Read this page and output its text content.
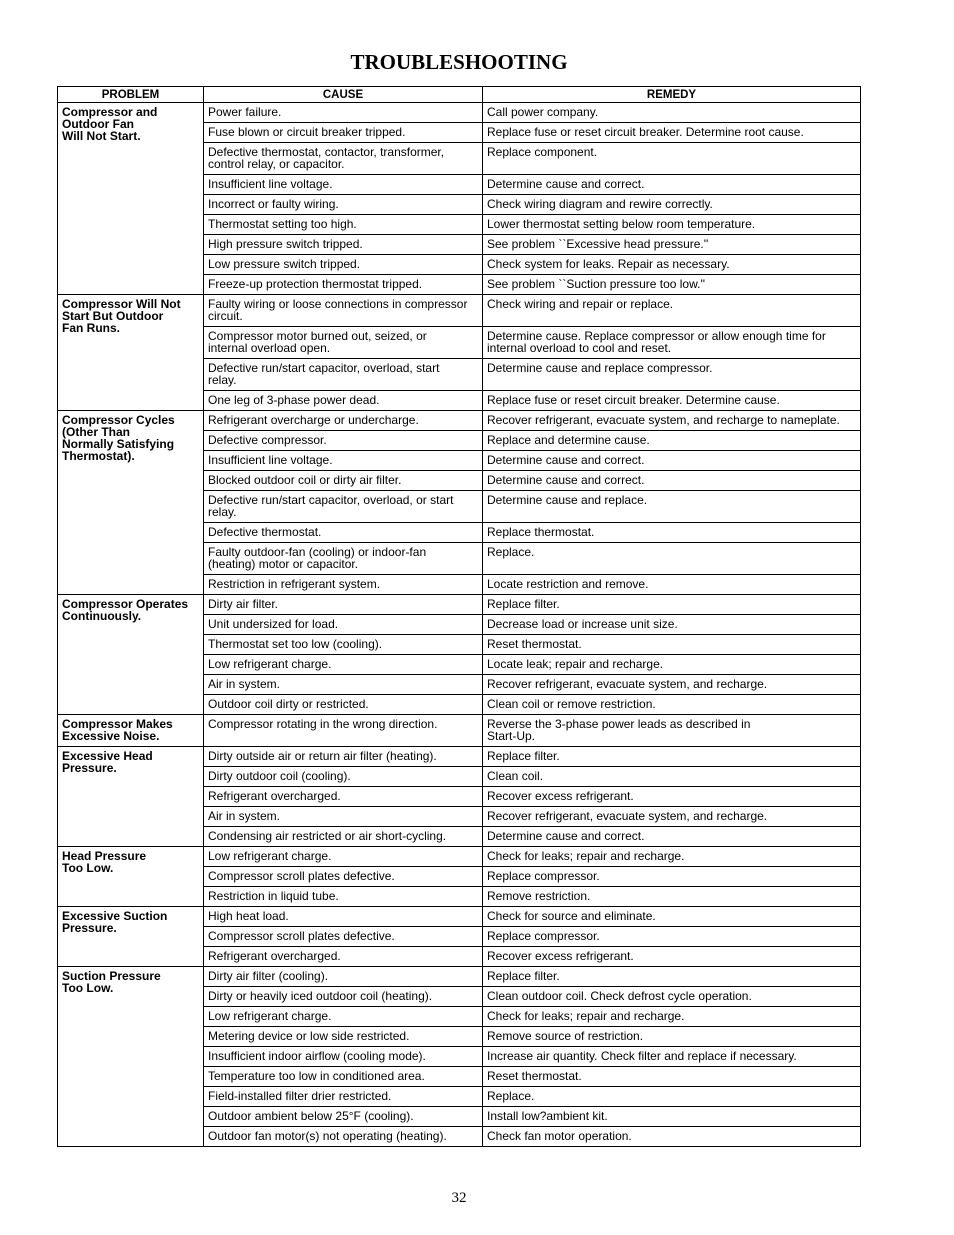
TROUBLESHOOTING
PROBLEM	CAUSE	REMEDY
Compressor and
Outdoor Fan
Will Not Start.	Power failure.	Call power company.
	Fuse blown or circuit breaker tripped.	Replace fuse or reset circuit breaker. Determine root cause.
	Defective thermostat, contactor, transformer,
control relay, or capacitor.	Replace component.
	Insufficient line voltage.	Determine cause and correct.
	Incorrect or faulty wiring.	Check wiring diagram and rewire correctly.
	Thermostat setting too high.	Lower thermostat setting below room temperature.
	High pressure switch tripped.	See problem ``Excessive head pressure.''
	Low pressure switch tripped.	Check system for leaks. Repair as necessary.
	Freeze-up protection thermostat tripped.	See problem ``Suction pressure too low.''
Compressor Will Not
Start But Outdoor
Fan Runs.	Faulty wiring or loose connections in compressor
circuit.	Check wiring and repair or replace.
	Compressor motor burned out, seized, or
internal overload open.	Determine cause. Replace compressor or allow enough time for
internal overload to cool and reset.
	Defective run/start capacitor, overload, start
relay.	Determine cause and replace compressor.
	One leg of 3-phase power dead.	Replace fuse or reset circuit breaker. Determine cause.
Compressor Cycles
(Other Than
Normally Satisfying
Thermostat).	Refrigerant overcharge or undercharge.	Recover refrigerant, evacuate system, and recharge to nameplate.
	Defective compressor.	Replace and determine cause.
	Insufficient line voltage.	Determine cause and correct.
	Blocked outdoor coil or dirty air filter.	Determine cause and correct.
	Defective run/start capacitor, overload, or start
relay.	Determine cause and replace.
	Defective thermostat.	Replace thermostat.
	Faulty outdoor-fan (cooling) or indoor-fan
(heating) motor or capacitor.	Replace.
	Restriction in refrigerant system.	Locate restriction and remove.
Compressor Operates
Continuously.	Dirty air filter.	Replace filter.
	Unit undersized for load.	Decrease load or increase unit size.
	Thermostat set too low (cooling).	Reset thermostat.
	Low refrigerant charge.	Locate leak; repair and recharge.
	Air in system.	Recover refrigerant, evacuate system, and recharge.
	Outdoor coil dirty or restricted.	Clean coil or remove restriction.
Compressor Makes
Excessive Noise.	Compressor rotating in the wrong direction.	Reverse the 3-phase power leads as described in
Start-Up.
Excessive Head
Pressure.	Dirty outside air or return air filter (heating).	Replace filter.
	Dirty outdoor coil (cooling).	Clean coil.
	Refrigerant overcharged.	Recover excess refrigerant.
	Air in system.	Recover refrigerant, evacuate system, and recharge.
	Condensing air restricted or air short-cycling.	Determine cause and correct.
Head Pressure
Too Low.	Low refrigerant charge.	Check for leaks; repair and recharge.
	Compressor scroll plates defective.	Replace compressor.
	Restriction in liquid tube.	Remove restriction.
Excessive Suction
Pressure.	High heat load.	Check for source and eliminate.
	Compressor scroll plates defective.	Replace compressor.
	Refrigerant overcharged.	Recover excess refrigerant.
Suction Pressure
Too Low.	Dirty air filter (cooling).	Replace filter.
	Dirty or heavily iced outdoor coil (heating).	Clean outdoor coil. Check defrost cycle operation.
	Low refrigerant charge.	Check for leaks; repair and recharge.
	Metering device or low side restricted.	Remove source of restriction.
	Insufficient indoor airflow (cooling mode).	Increase air quantity. Check filter and replace if necessary.
	Temperature too low in conditioned area.	Reset thermostat.
	Field-installed filter drier restricted.	Replace.
	Outdoor ambient below 25°F (cooling).	Install low?ambient kit.
	Outdoor fan motor(s) not operating (heating).	Check fan motor operation.
32
